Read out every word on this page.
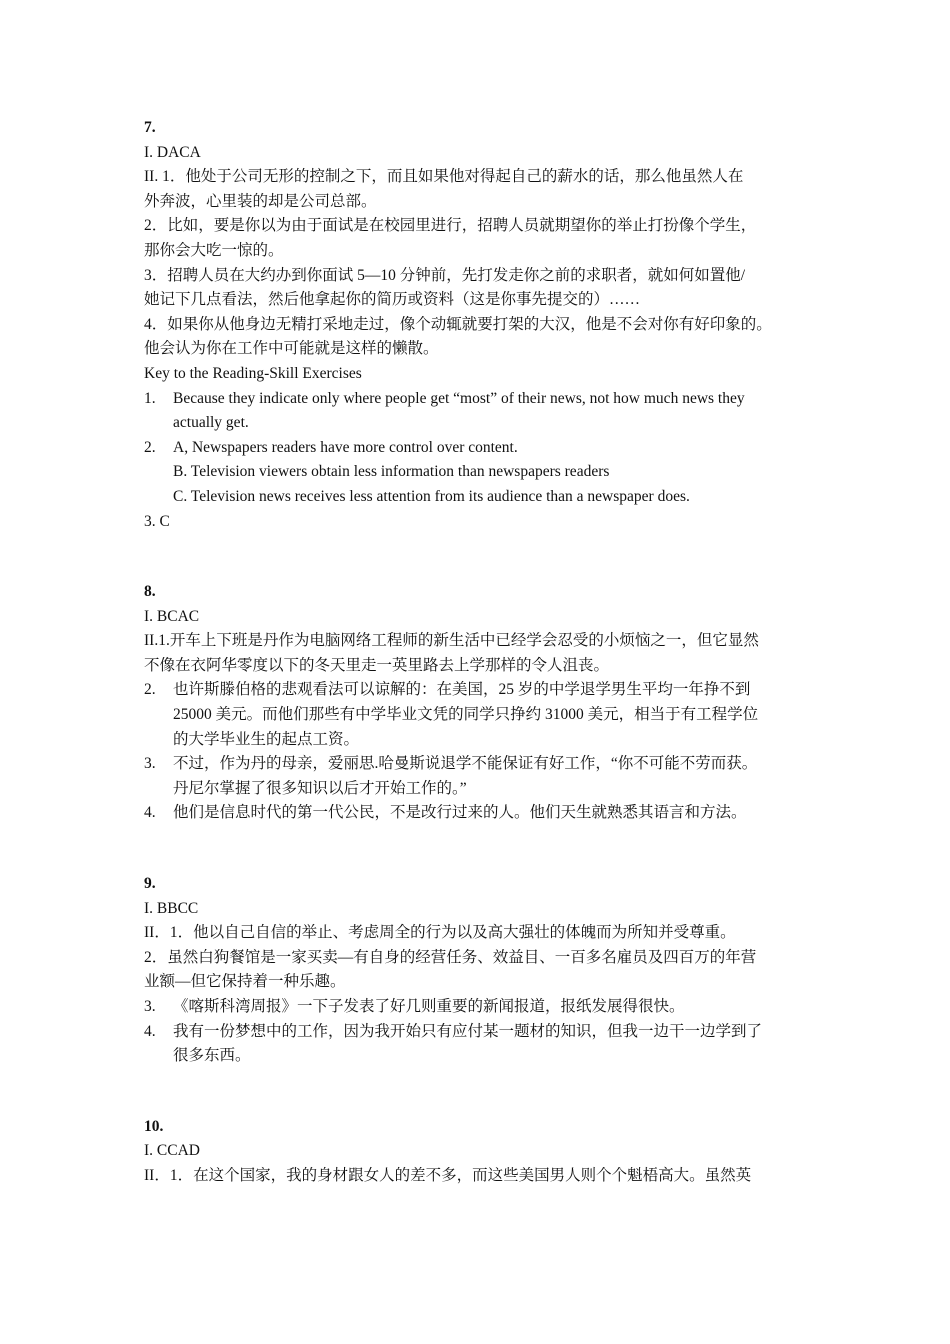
7.
I. DACA
II. 1．他处于公司无形的控制之下，而且如果他对得起自己的薪水的话，那么他虽然人在
外奔波，心里装的却是公司总部。
2．比如，要是你以为由于面试是在校园里进行，招聘人员就期望你的举止打扮像个学生，
那你会大吃一惊的。
3．招聘人员在大约办到你面试 5—10 分钟前，先打发走你之前的求职者，就如何如置他/
她记下几点看法，然后他拿起你的简历或资料（这是你事先提交的）……
4．如果你从他身边无精打采地走过，像个动辄就要打架的大汉，他是不会对你有好印象的。
他会认为你在工作中可能就是这样的懒散。
Key to the Reading-Skill Exercises
1.	Because they indicate only where people get “most” of their news, not how much news they
actually get.
2.	A, Newspapers readers have more control over content.
B. Television viewers obtain less information than newspapers readers
C. Television news receives less attention from its audience than a newspaper does.
3. C
8.
I. BCAC
II.1.开车上下班是丹作为电脑网络工程师的新生活中已经学会忍受的小烦恼之一，但它显然
不像在衣阿华零度以下的冬天里走一英里路去上学那样的令人沮丧。
2.	也许斯滕伯格的悲观看法可以谅解的：在美国，25 岁的中学退学男生平均一年挣不到
25000 美元。而他们那些有中学毕业文凭的同学只挣约 31000 美元，相当于有工程学位
的大学毕业生的起点工资。
3.	不过，作为丹的母亲，爱丽思.哈曼斯说退学不能保证有好工作，“你不可能不劳而获。
丹尼尔掌握了很多知识以后才开始工作的。”
4.	他们是信息时代的第一代公民，不是改行过来的人。他们天生就熟悉其语言和方法。
9.
I. BBCC
II．1．他以自己自信的举止、考虑周全的行为以及高大强壮的体魄而为所知并受尊重。
2．虽然白狗餐馆是一家买卖—有自身的经营任务、效益目、一百多名雇员及四百万的年营
业额—但它保持着一种乐趣。
3.	《喀斯科湾周报》一下子发表了好几则重要的新闻报道，报纸发展得很快。
4.	我有一份梦想中的工作，因为我开始只有应付某一题材的知识，但我一边干一边学到了
很多东西。
10.
I. CCAD
II．1．在这个国家，我的身材跟女人的差不多，而这些美国男人则个个魁梧高大。虽然英
